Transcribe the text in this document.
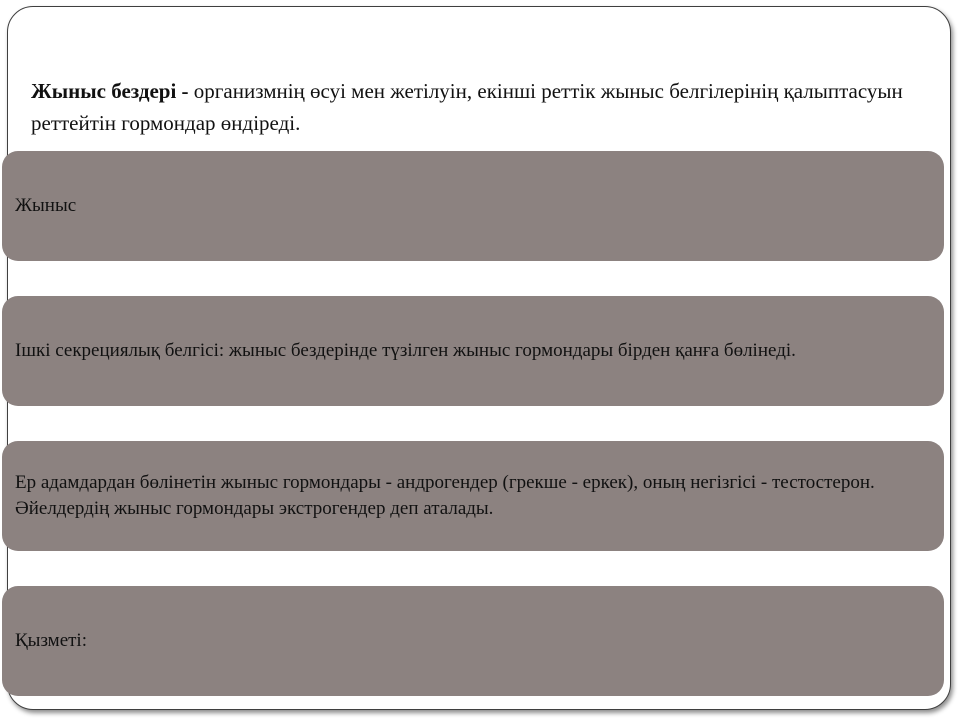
Жыныс бездері - организмнің өсуі мен жетілуін, екінші реттік жыныс белгілерінің қалыптасуын реттейтін гормондар өндіреді.

Жыныс
Ішкі секрециялық белгісі: жыныс бездерінде түзілген жыныс гормондары бірден қанға бөлінеді.
Ер адамдардан бөлінетін жыныс гормондары - андрогендер (грекше - еркек), оның негізгісі - тестостерон. Әйелдердің жыныс гормондары экстрогендер деп аталады.
Қызметі:
